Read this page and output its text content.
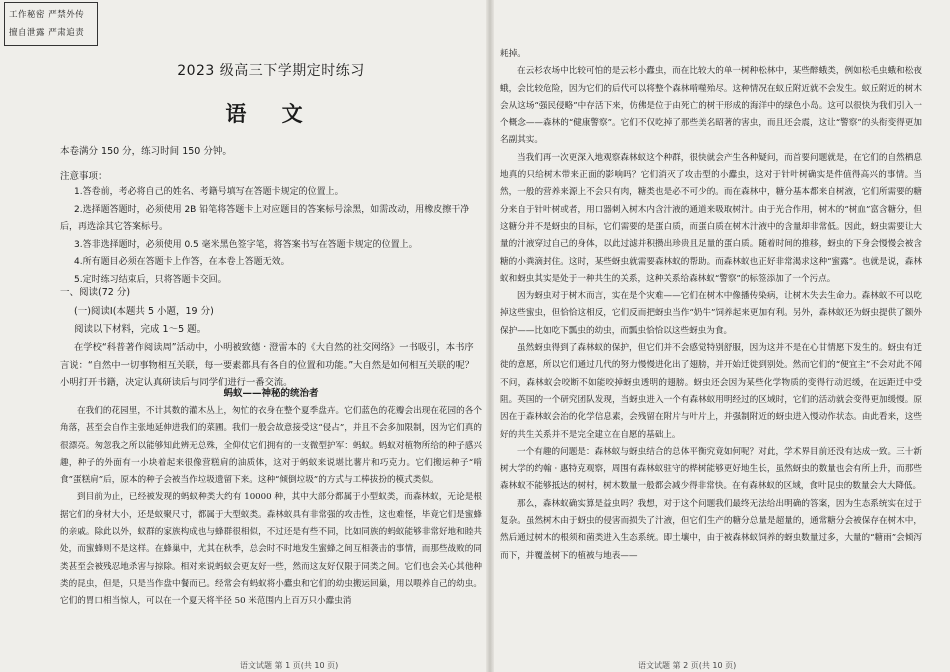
2023 级高三下学期定时练习
语 文
本卷满分 150 分，练习时间 150 分钟。
注意事项：

1.答卷前，考必将自己的姓名、考籍号填写在答题卡规定的位置上。

2.选择题答题时，必须使用 2B 铅笔将答题卡上对应题目的答案标号涂黑，如需改动，用橡皮擦干净后，再选涂其它答案标号。

3.答非选择题时，必须使用 0.5 毫米黑色签字笔，将答案书写在答题卡规定的位置上。

4.所有题目必须在答题卡上作答，在本卷上答题无效。

5.定时练习结束后，只将答题卡交回。

一、阅读(72 分)
(一)阅读Ⅰ(本题共 5 小题，19 分)
阅读以下材料，完成 1～5 题。
在学校“科普著作阅读周”活动中，小明被致德 · 澄雷本的《大自然的社交网络》一书吸引，本书序言说：“自然中一切事物相互关联，每一要素都具有各自的位置和功能。”大自然是如何相互关联的呢？小明打开书籍，决定认真研读后与同学们进行一番交流。
蚂蚁——神秘的统治者

在我们的花园里，不计其数的灌木丛上，匆忙的衣身在整个夏季盘卉。它们蓝色的花瓣会出现在花园的各个角落，甚至会自作主张地延伸进我们的菜圃。我们一般会故意接受这“侵占”，并且不会多加限制，因为它们真的很漂亮。匆忽我之所以能够知此辨无总殊，全仰仗它们拥有的一支微型护军：蚂蚁。蚂蚁对植物所给的种子感兴趣，种子的外面有一小块着起来很像营糕肩的油质体，这对于蚂蚁来说堪比薯片和巧克力。它们搬运种子“啃食”蛋糕肩”后，原本的种子会被当作垃圾遗留下来。这种“倾倒垃圾”的方式与工棒拔扮的模式类似。

到目前为止，已经被发现的蚂蚁种类大约有 10000 种，其中大部分都属于小型蚁类，而森林蚁，无论是根据它们的身材大小，还是蚁聚尺寸，都属于大型蚁类。森林蚁具有非常强的攻击性，这也难怪，毕竟它们是蜜蜂的亲戚。除此以外，蚁群的家族构成也与蜂群很相似，不过还是有些不同，比如同族的蚂蚁能够非常好地和睦共处，而蜜蜂则不是这样。在蜂巢中，尤其在秋季，总会时不时地发生蜜蜂之间互相袭击的事情，而那些战败的同类甚至会被残忍地杀害与掠除。相对来说蚂蚁会更友好一些，然而这友好仅限于同类之间。它们也会关心其他种类的昆虫，但是，只是当作盘中餐而已。经常会有蚂蚁将小蠹虫和它们的幼虫搬运回巢，用以喂养自己的幼虫。它们的胃口相当惊人，可以在一个夏天将半径 50 米范围内上百万只小蠹虫消

语文试题 第 1 页(共 10 页)
工作秘密 严禁外传
擅自泄露 严肃追责

耗掉。

在云杉农场中比较可怕的是云杉小蠹虫，而在比较大的单一树种松林中，某些醉蛾类，例如松毛虫蛾和松夜蛾，会比较危险，因为它们的后代可以将整个森林啃噬殆尽。这种情况在蚁丘附近就不会发生。蚁丘附近的树木会从这场“强民侵略”中存活下来，仿佛是位于由死亡的树干形成的海洋中的绿色小岛。这可以很快为我们引入一个概念——森林的“健康警察”。它们不仅吃掉了那些美名昭著的害虫，而且还会震，这让“警察”的头衔变得更加名副其实。

当我们再一次更深入地观察森林蚁这个种群，很快就会产生各种疑问，而首要问题就是，在它们的自然栖息地真的只给树木带来正面的影响吗？它们消灭了攻击型的小蠹虫，这对于针叶树确实是件值得高兴的事情。当然，一般的营养来源上不会只有肉，糖类也是必不可少的。而在森林中，糖分基本都来自树液，它们所需要的糖分来自于针叶树或者，用口器刺入树木内含汁液的通道来吸取树汁。由于光合作用，树木的“树血”富含糖分，但这糖分并不是蚜虫的目标，它们需要的是蛋白质，而蛋白质在树木汁液中的含量却非常低。因此，蚜虫需要让大量的汁液穿过自己的身体，以此过滤并积攒出珍贵且足量的蛋白质。随着时间的推移，蚜虫的下身会慢慢会被含糖的小粪滴封住。这时，某些蚜虫就需要森林蚁的帮助。而森林蚁也正好非常渴求这种“蜜露”。也就是说，森林蚁和蚜虫其实是处于一种共生的关系，这种关系给森林蚁“警察”的标签添加了一个污点。

因为蚜虫对于树木而言，实在是个灾难——它们在树木中像播传染病，让树木失去生命力。森林蚁不可以吃掉这些蜜虫，但恰恰这相反，它们反而把蚜虫当作“奶牛”饲养起来更加有利。另外，森林蚁还为蚜虫提供了额外保护——比如吃下瓢虫的幼虫，而瓢虫恰恰以这些蚜虫为食。

虽然蚜虫得到了森林蚁的保护，但它们并不会感觉特别舒服，因为这并不是在心甘情愿下发生的。蚜虫有迁徙的意愿，所以它们通过几代的努力慢慢进化出了翅膀，并开始迁徙到别处。然而它们的“便宜主”不会对此不闻不问，森林蚁会咬断不如能咬掉蚜虫透明的翅膀。蚜虫还会因为某些化学物质的变得行动迟缓，在远距迁中受阻。英国的一个研究团队发现，当蚜虫进入一个有森林蚁用明经过的区域时，它们的活动就会变得更加缓慢。原因在于森林蚁会治的化学信息素，会残留在附片与叶片上，并强制附近的蚜虫进入慢动作状态。由此看来，这些好的共生关系并不是完全建立在自愿的基础上。

一个有趣的问题是：森林蚁与蚜虫结合的总体平衡究竟如何呢？对此，学术界目前还没有达成一致。三十新树大学的约翰 · 惠特克观察，周围有森林蚁驻守的桦树能够更好地生长，虽然蚜虫的数量也会有所上升，而那些森林蚁不能够抵达的树村，树木数量一般都会减少得非常快。在有森林蚁的区域，食叶昆虫的数量会大大降低。

那么，森林蚁确实算是益虫吗？我想，对于这个问题我们最终无法给出明确的答案，因为生态系统实在过于复杂。虽然树木由于蚜虫的侵害而损失了汁液，但它们生产的糖分总量是超量的，通常糖分会被保存在树木中，然后通过树木的根须和菌类进入生态系统。即土壤中，由于被森林蚁饲养的蚜虫数量过多，大量的“糖雨”会倾泻而下，并覆盖树下的植被与地表——

语文试题 第 2 页(共 10 页)
